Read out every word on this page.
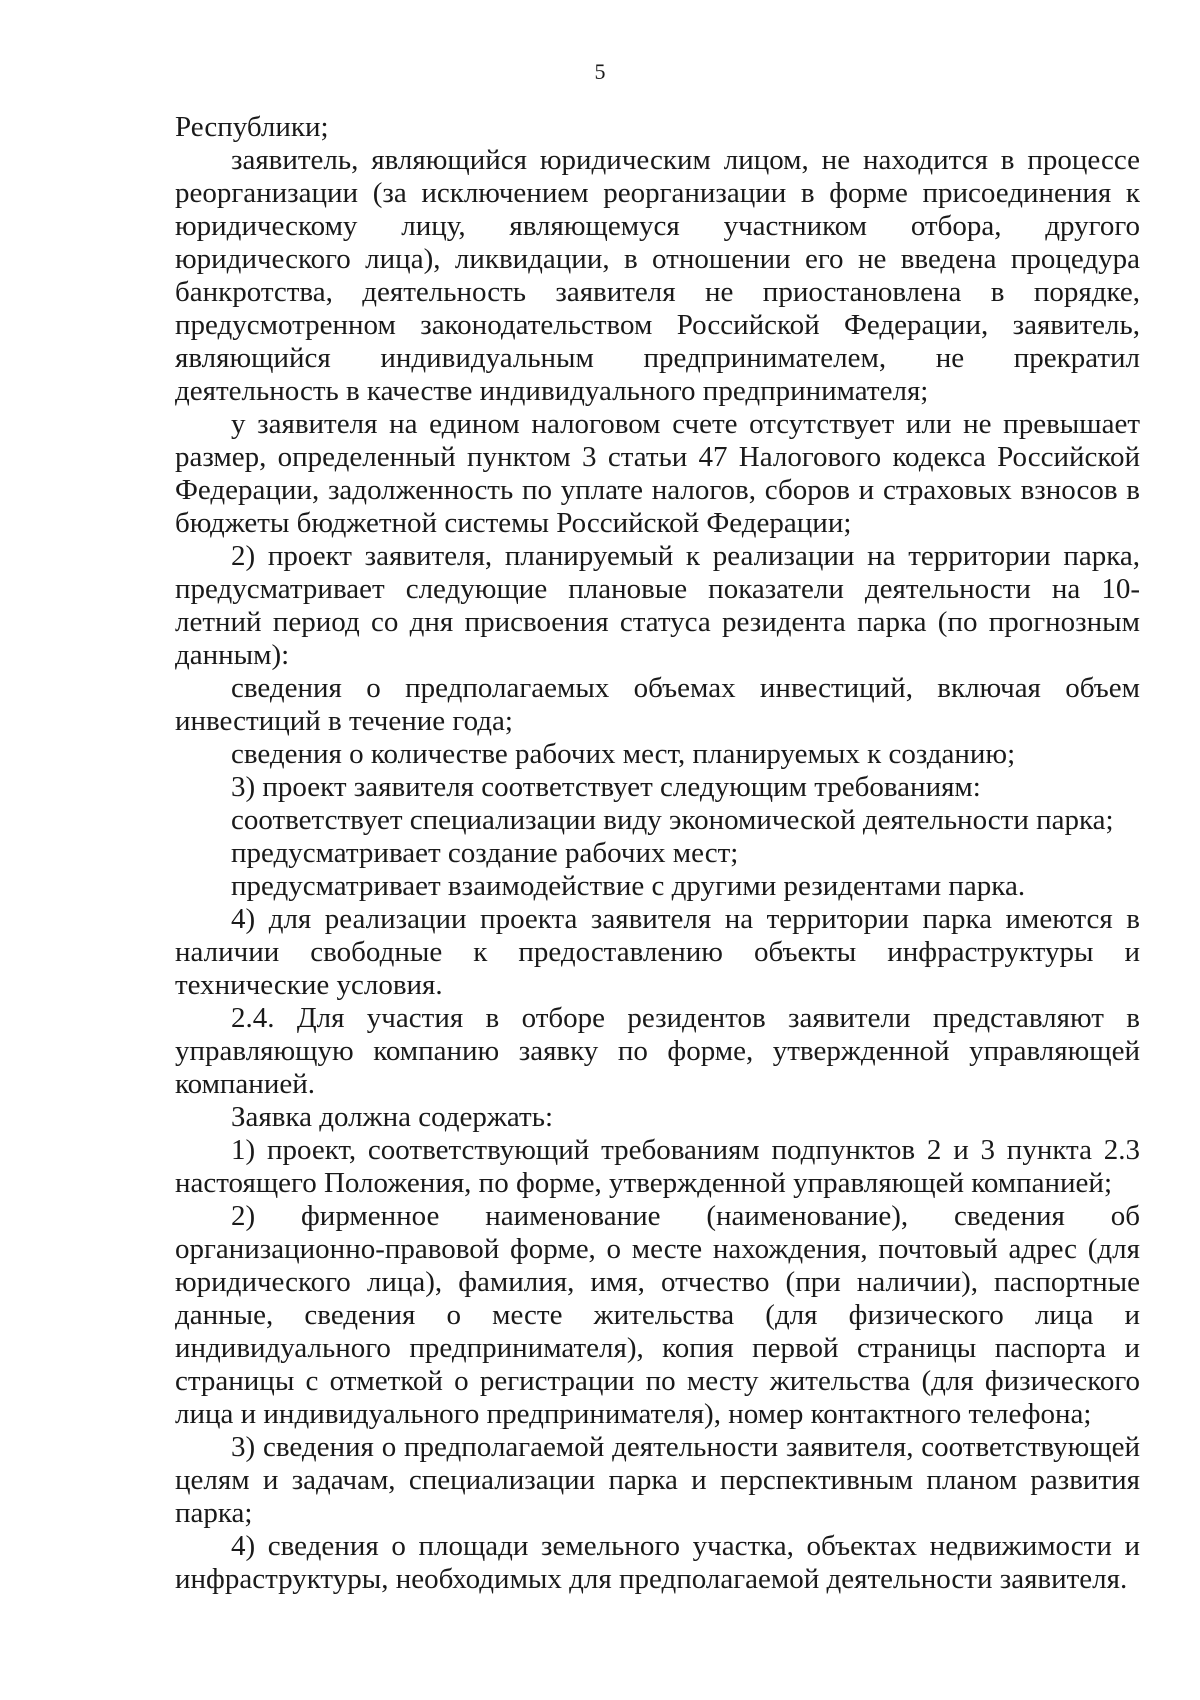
5

Республики;

заявитель, являющийся юридическим лицом, не находится в процессе реорганизации (за исключением реорганизации в форме присоединения к юридическому лицу, являющемуся участником отбора, другого юридического лица), ликвидации, в отношении его не введена процедура банкротства, деятельность заявителя не приостановлена в порядке, предусмотренном законодательством Российской Федерации, заявитель, являющийся индивидуальным предпринимателем, не прекратил деятельность в качестве индивидуального предпринимателя;

у заявителя на едином налоговом счете отсутствует или не превышает размер, определенный пунктом 3 статьи 47 Налогового кодекса Российской Федерации, задолженность по уплате налогов, сборов и страховых взносов в бюджеты бюджетной системы Российской Федерации;

2) проект заявителя, планируемый к реализации на территории парка, предусматривает следующие плановые показатели деятельности на 10-летний период со дня присвоения статуса резидента парка (по прогнозным данным):

сведения о предполагаемых объемах инвестиций, включая объем инвестиций в течение года;

сведения о количестве рабочих мест, планируемых к созданию;

3) проект заявителя соответствует следующим требованиям:

соответствует специализации виду экономической деятельности парка;

предусматривает создание рабочих мест;

предусматривает взаимодействие с другими резидентами парка.

4) для реализации проекта заявителя на территории парка имеются в наличии свободные к предоставлению объекты инфраструктуры и технические условия.

2.4. Для участия в отборе резидентов заявители представляют в управляющую компанию заявку по форме, утвержденной управляющей компанией.

Заявка должна содержать:

1) проект, соответствующий требованиям подпунктов 2 и 3 пункта 2.3 настоящего Положения, по форме, утвержденной управляющей компанией;

2) фирменное наименование (наименование), сведения об организационно-правовой форме, о месте нахождения, почтовый адрес (для юридического лица), фамилия, имя, отчество (при наличии), паспортные данные, сведения о месте жительства (для физического лица и индивидуального предпринимателя), копия первой страницы паспорта и страницы с отметкой о регистрации по месту жительства (для физического лица и индивидуального предпринимателя), номер контактного телефона;

3) сведения о предполагаемой деятельности заявителя, соответствующей целям и задачам, специализации парка и перспективным планом развития парка;

4) сведения о площади земельного участка, объектах недвижимости и инфраструктуры, необходимых для предполагаемой деятельности заявителя.
